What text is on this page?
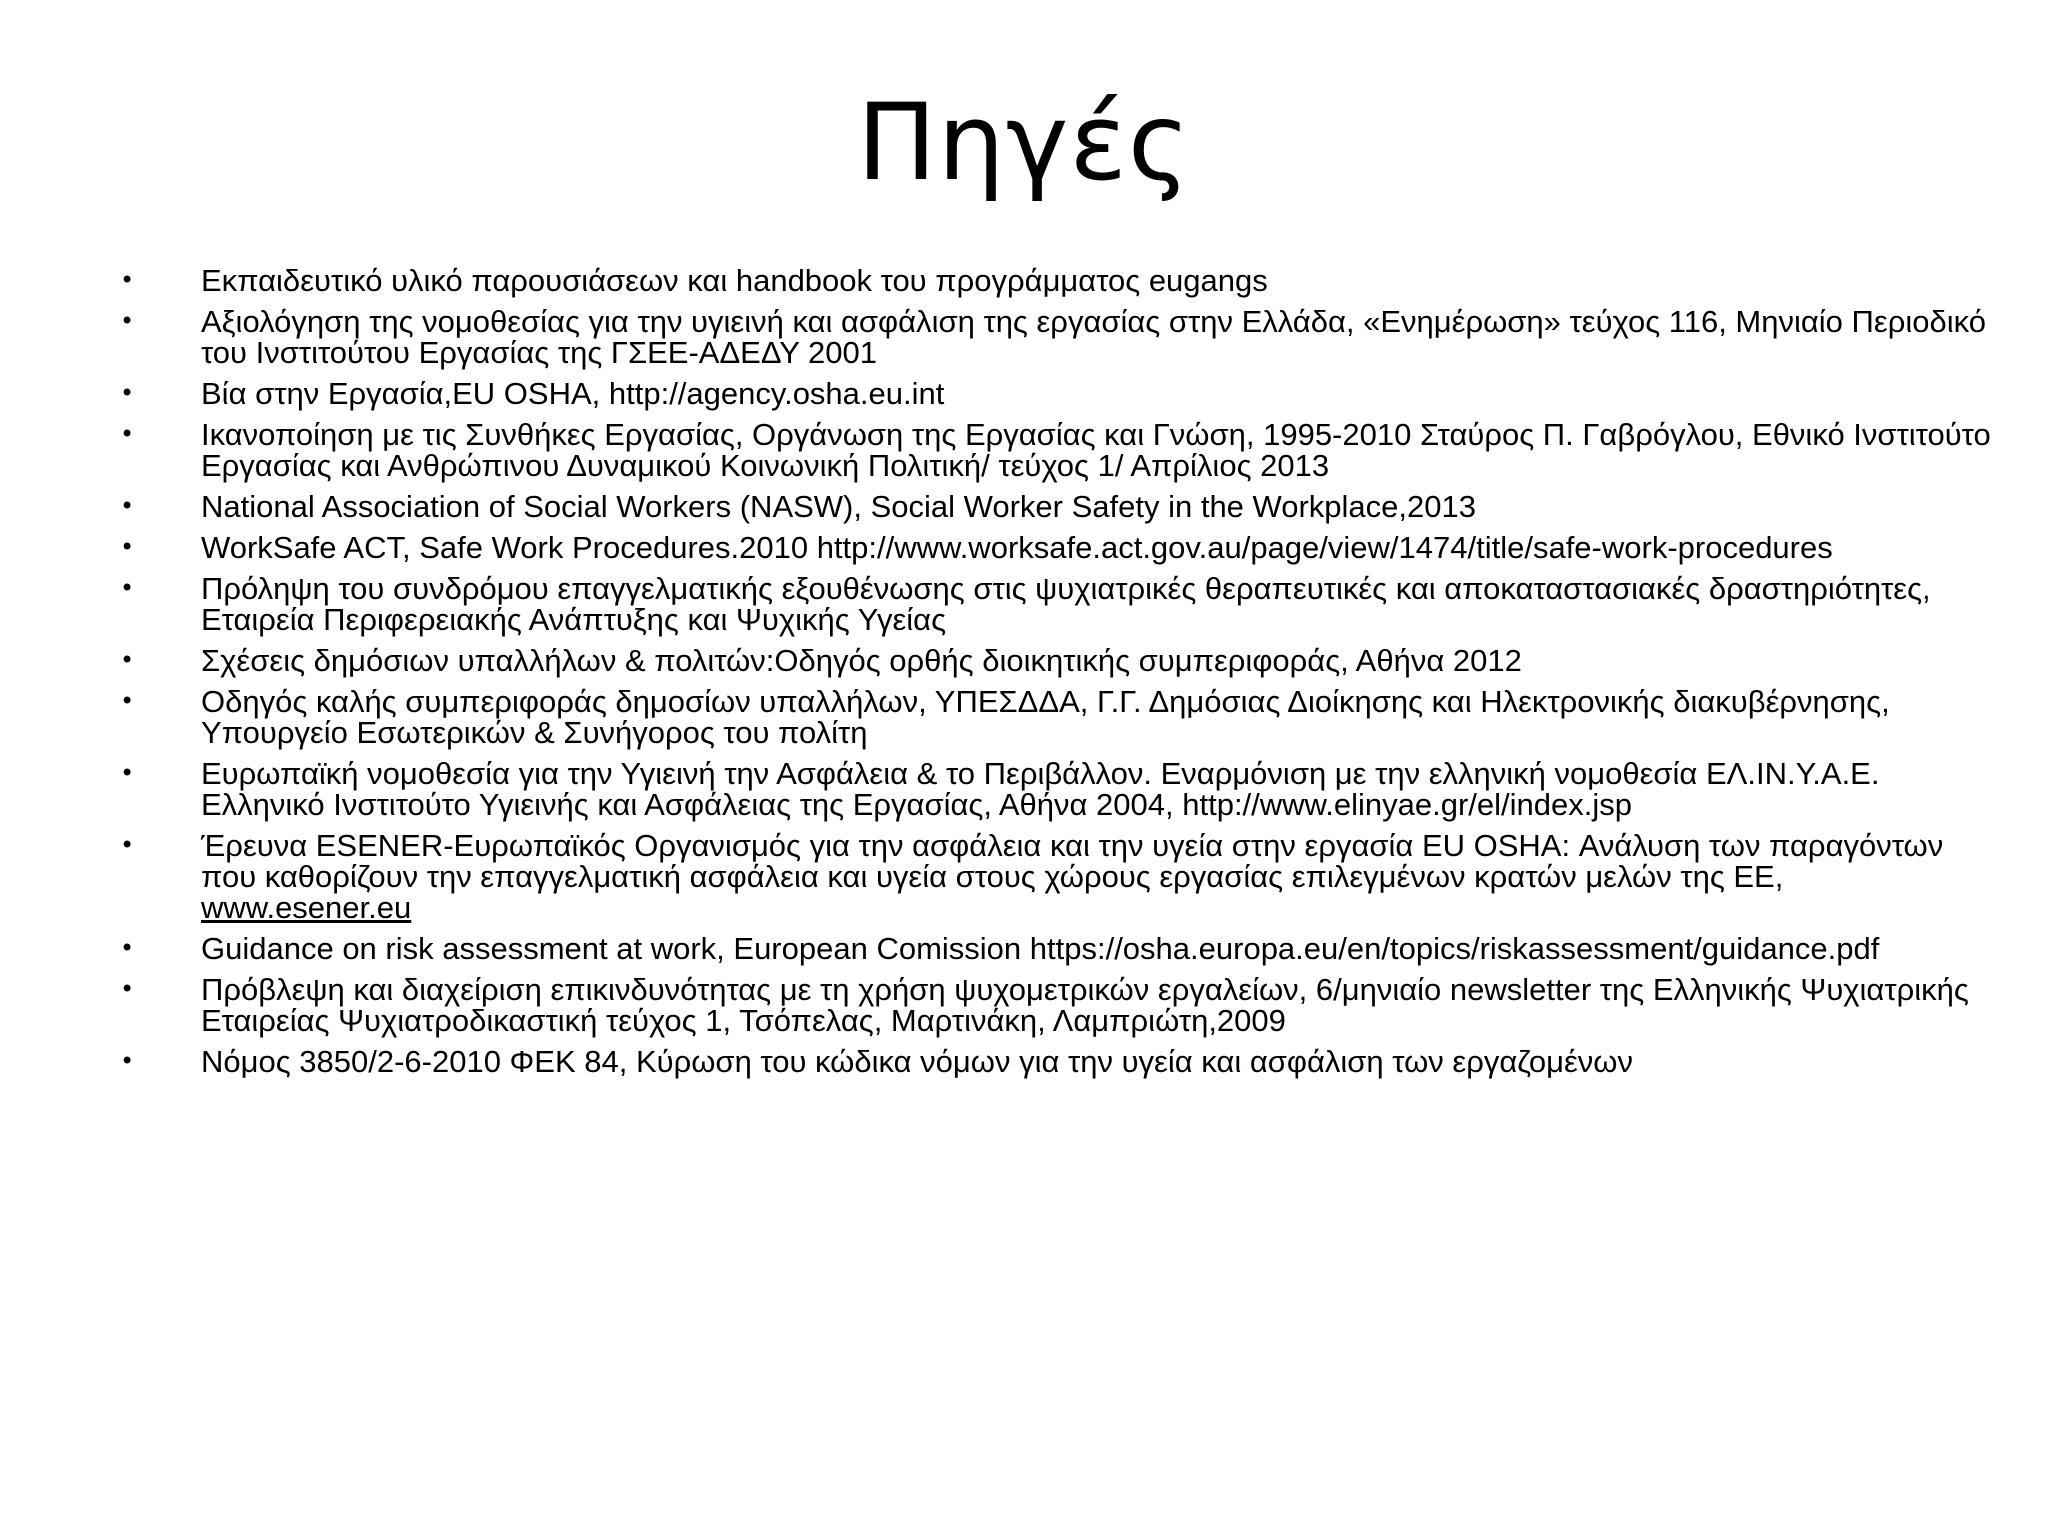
Πηγές
• Εκπαιδευτικό υλικό παρουσιάσεων και handbook του προγράμματος eugangs
• Αξιολόγηση της νομοθεσίας για την υγιεινή και ασφάλιση της εργασίας στην Ελλάδα, «Ενημέρωση» τεύχος 116, Μηνιαίο Περιοδικό του Ινστιτούτου Εργασίας της ΓΣΕΕ-ΑΔΕΔΥ 2001
• Βία στην Εργασία,EU OSHA, http://agency.osha.eu.int
• Ικανοποίηση με τις Συνθήκες Εργασίας, Οργάνωση της Εργασίας και Γνώση, 1995-2010 Σταύρος Π. Γαβρόγλου, Εθνικό Ινστιτούτο Εργασίας και Ανθρώπινου Δυναμικού Κοινωνική Πολιτική/ τεύχος 1/ Απρίλιος 2013
• National Association of Social Workers (NASW), Social Worker Safety in the Workplace,2013
• WorkSafe ACT, Safe Work Procedures.2010 http://www.worksafe.act.gov.au/page/view/1474/title/safe-work-procedures
• Πρόληψη του συνδρόμου επαγγελματικής εξουθένωσης στις ψυχιατρικές θεραπευτικές και αποκαταστασιακές δραστηριότητες, Εταιρεία Περιφερειακής Ανάπτυξης και Ψυχικής Υγείας
• Σχέσεις δημόσιων υπαλλήλων & πολιτών:Οδηγός ορθής διοικητικής συμπεριφοράς, Αθήνα 2012
• Οδηγός καλής συμπεριφοράς δημοσίων υπαλλήλων, ΥΠΕΣΔΔΑ, Γ.Γ. Δημόσιας Διοίκησης και Ηλεκτρονικής διακυβέρνησης, Υπουργείο Εσωτερικών & Συνήγορος του πολίτη
• Ευρωπαϊκή νομοθεσία για την Υγιεινή την Ασφάλεια & το Περιβάλλον. Εναρμόνιση με την ελληνική νομοθεσία ΕΛ.ΙΝ.Υ.Α.Ε. Ελληνικό Ινστιτούτο Υγιεινής και Ασφάλειας της Εργασίας, Αθήνα 2004, http://www.elinyae.gr/el/index.jsp
• Έρευνα ESENER-Ευρωπαϊκός Οργανισμός για την ασφάλεια και την υγεία στην εργασία EU OSHA: Ανάλυση των παραγόντων που καθορίζουν την επαγγελματική ασφάλεια και υγεία στους χώρους εργασίας επιλεγμένων κρατών μελών της ΕΕ, www.esener.eu
• Guidance on risk assessment at work, European Comission https://osha.europa.eu/en/topics/riskassessment/guidance.pdf
• Πρόβλεψη και διαχείριση επικινδυνότητας με τη χρήση ψυχομετρικών εργαλείων, 6/μηνιαίο newsletter της Ελληνικής Ψυχιατρικής Εταιρείας Ψυχιατροδικαστική τεύχος 1, Τσόπελας, Μαρτινάκη, Λαμπριώτη,2009
• Νόμος 3850/2-6-2010 ΦΕΚ 84, Κύρωση του κώδικα νόμων για την υγεία και ασφάλιση των εργαζομένων
